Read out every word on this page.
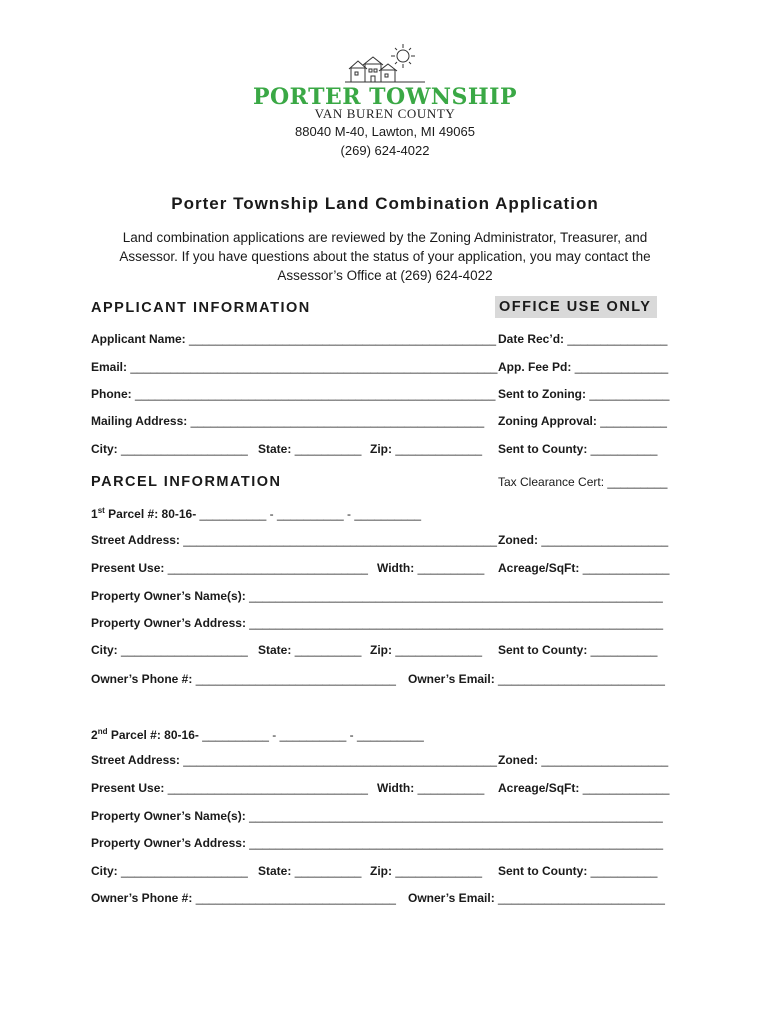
PORTER TOWNSHIP
VAN BUREN COUNTY
88040 M-40, Lawton, MI 49065
(269) 624-4022
Porter Township Land Combination Application
Land combination applications are reviewed by the Zoning Administrator, Treasurer, and Assessor. If you have questions about the status of your application, you may contact the Assessor’s Office at (269) 624-4022
APPLICANT INFORMATION	OFFICE USE ONLY
Applicant Name: ______________________________________________ Date Rec’d: _______________
Email: _______________________________________________________ App. Fee Pd: ______________
Phone: ______________________________________________________ Sent to Zoning: ____________
Mailing Address: ____________________________________________ Zoning Approval: __________
City: ___________________ State: __________ Zip: _____________ Sent to County: __________
PARCEL INFORMATION	Tax Clearance Cert: _________
1st Parcel #: 80-16- __________ - __________ - __________
Street Address: _______________________________________________ Zoned: ___________________
Present Use: ______________________________ Width: __________ Acreage/SqFt: _____________
Property Owner’s Name(s): ______________________________________________________________
Property Owner’s Address: ______________________________________________________________
City: ___________________ State: __________ Zip: _____________ Sent to County: __________
Owner’s Phone #: ______________________________ Owner’s Email: _________________________
2nd Parcel #: 80-16- __________ - __________ - __________
Street Address: _______________________________________________ Zoned: ___________________
Present Use: ______________________________ Width: __________ Acreage/SqFt: _____________
Property Owner’s Name(s): ______________________________________________________________
Property Owner’s Address: ______________________________________________________________
City: ___________________ State: __________ Zip: _____________ Sent to County: __________
Owner’s Phone #: ______________________________ Owner’s Email: _________________________
